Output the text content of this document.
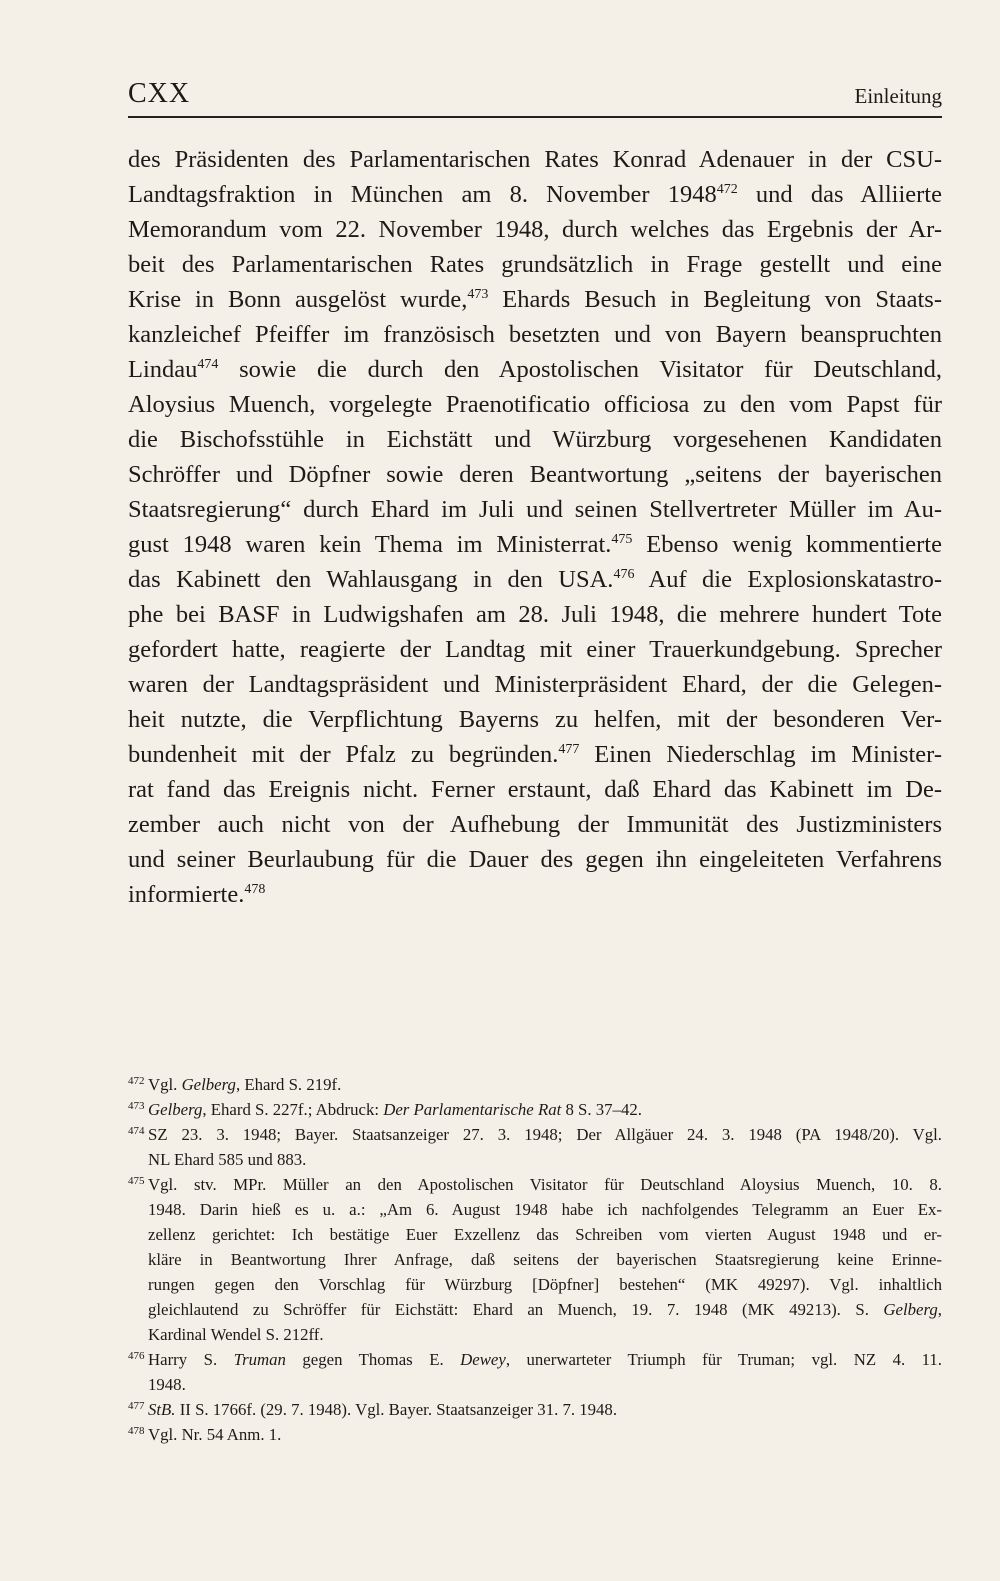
CXX	Einleitung
des Präsidenten des Parlamentarischen Rates Konrad Adenauer in der CSU-
Landtagsfraktion in München am 8. November 1948$^{472}$ und das Alliierte
Memorandum vom 22. November 1948, durch welches das Ergebnis der Ar-
beit des Parlamentarischen Rates grundsätzlich in Frage gestellt und eine
Krise in Bonn ausgelöst wurde,$^{473}$ Ehards Besuch in Begleitung von Staats-
kanzleichef Pfeiffer im französisch besetzten und von Bayern beanspruchten
Lindau$^{474}$ sowie die durch den Apostolischen Visitator für Deutschland,
Aloysius Muench, vorgelegte Praenotificatio officiosa zu den vom Papst für
die Bischofsstühle in Eichstätt und Würzburg vorgesehenen Kandidaten
Schröffer und Döpfner sowie deren Beantwortung „seitens der bayerischen
Staatsregierung“ durch Ehard im Juli und seinen Stellvertreter Müller im Au-
gust 1948 waren kein Thema im Ministerrat.$^{475}$ Ebenso wenig kommentierte
das Kabinett den Wahlausgang in den USA.$^{476}$ Auf die Explosionskatastro-
phe bei BASF in Ludwigshafen am 28. Juli 1948, die mehrere hundert Tote
gefordert hatte, reagierte der Landtag mit einer Trauerkundgebung. Sprecher
waren der Landtagspräsident und Ministerpräsident Ehard, der die Gelegen-
heit nutzte, die Verpflichtung Bayerns zu helfen, mit der besonderen Ver-
bundenheit mit der Pfalz zu begründen.$^{477}$ Einen Niederschlag im Minister-
rat fand das Ereignis nicht. Ferner erstaunt, daß Ehard das Kabinett im De-
zember auch nicht von der Aufhebung der Immunität des Justizministers
und seiner Beurlaubung für die Dauer des gegen ihn eingeleiteten Verfahrens
informierte.$^{478}$
472 Vgl. Gelberg, Ehard S. 219f.
473 Gelberg, Ehard S. 227f.; Abdruck: Der Parlamentarische Rat 8 S. 37–42.
474 SZ 23. 3. 1948; Bayer. Staatsanzeiger 27. 3. 1948; Der Allgäuer 24. 3. 1948 (PA 1948/20). Vgl.
NL Ehard 585 und 883.
475 Vgl. stv. MPr. Müller an den Apostolischen Visitator für Deutschland Aloysius Muench, 10. 8.
1948. Darin hieß es u. a.: „Am 6. August 1948 habe ich nachfolgendes Telegramm an Euer Ex-
zellenz gerichtet: Ich bestätige Euer Exzellenz das Schreiben vom vierten August 1948 und er-
kläre in Beantwortung Ihrer Anfrage, daß seitens der bayerischen Staatsregierung keine Erinne-
rungen gegen den Vorschlag für Würzburg [Döpfner] bestehen“ (MK 49297). Vgl. inhaltlich
gleichlautend zu Schröffer für Eichstätt: Ehard an Muench, 19. 7. 1948 (MK 49213). S. Gelberg,
Kardinal Wendel S. 212ff.
476 Harry S. Truman gegen Thomas E. Dewey, unerwarteter Triumph für Truman; vgl. NZ 4. 11.
1948.
477 StB. II S. 1766f. (29. 7. 1948). Vgl. Bayer. Staatsanzeiger 31. 7. 1948.
478 Vgl. Nr. 54 Anm. 1.
